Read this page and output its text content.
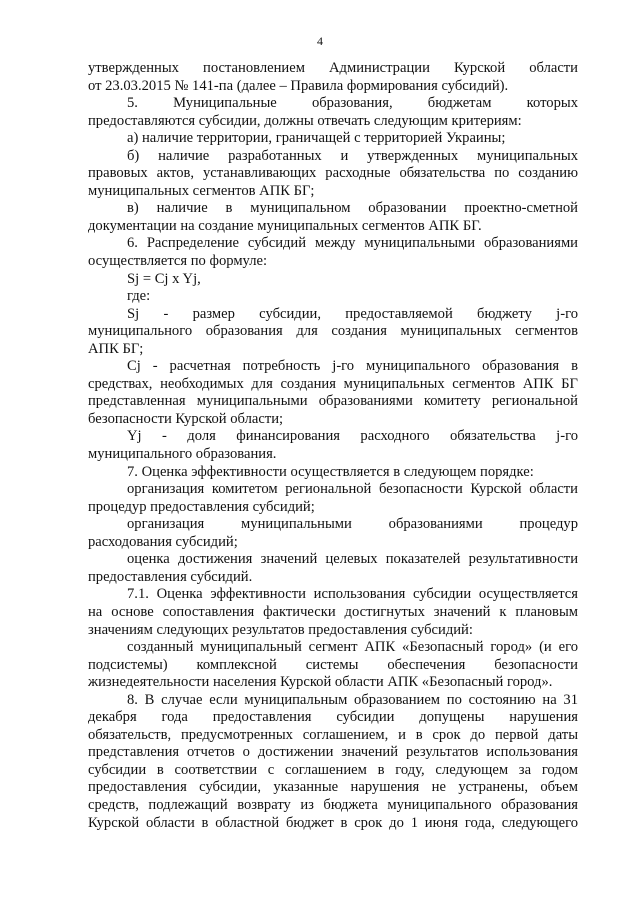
4
утвержденных постановлением Администрации Курской области
от 23.03.2015 № 141-па (далее – Правила формирования субсидий).
5. Муниципальные образования, бюджетам которых
предоставляются субсидии, должны отвечать следующим критериям:
а) наличие территории, граничащей с территорией Украины;
б) наличие разработанных и утвержденных муниципальных
правовых актов, устанавливающих расходные обязательства по созданию
муниципальных сегментов АПК БГ;
в) наличие в муниципальном образовании проектно-сметной
документации на создание муниципальных сегментов АПК БГ.
6. Распределение субсидий между муниципальными образованиями
осуществляется по формуле:
Sj = Cj x Yj,
где:
Sj - размер субсидии, предоставляемой бюджету j-го
муниципального образования для создания муниципальных сегментов
АПК БГ;
Cj - расчетная потребность j-го муниципального образования в
средствах, необходимых для создания муниципальных сегментов АПК БГ
представленная муниципальными образованиями комитету региональной
безопасности Курской области;
Yj - доля финансирования расходного обязательства j-го
муниципального образования.
7. Оценка эффективности осуществляется в следующем порядке:
организация комитетом региональной безопасности Курской области
процедур предоставления субсидий;
организация муниципальными образованиями процедур
расходования субсидий;
оценка достижения значений целевых показателей результативности
предоставления субсидий.
7.1. Оценка эффективности использования субсидии осуществляется
на основе сопоставления фактически достигнутых значений к плановым
значениям следующих результатов предоставления субсидий:
созданный муниципальный сегмент АПК «Безопасный город» (и его
подсистемы) комплексной системы обеспечения безопасности
жизнедеятельности населения Курской области АПК «Безопасный город».
8. В случае если муниципальным образованием по состоянию на 31
декабря года предоставления субсидии допущены нарушения
обязательств, предусмотренных соглашением, и в срок до первой даты
представления отчетов о достижении значений результатов использования
субсидии в соответствии с соглашением в году, следующем за годом
предоставления субсидии, указанные нарушения не устранены, объем
средств, подлежащий возврату из бюджета муниципального образования
Курской области в областной бюджет в срок до 1 июня года, следующего
